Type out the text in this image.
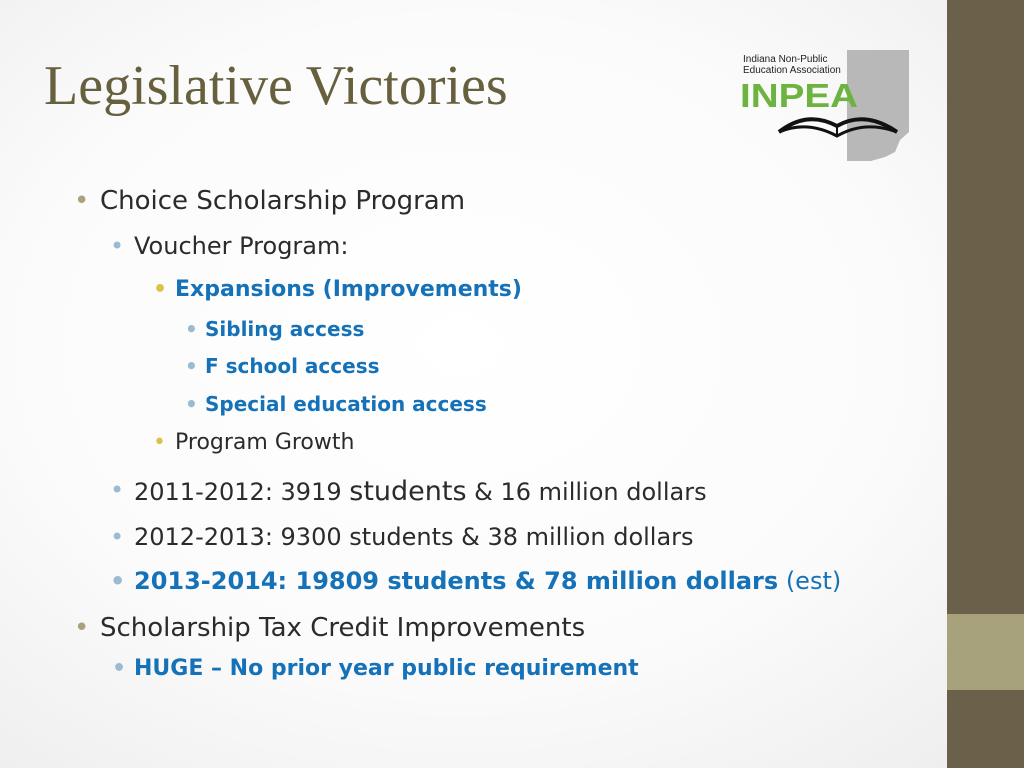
Legislative Victories	Indiana Non-Public
Education Association
INPEA
• Choice Scholarship Program
• Voucher Program:
• Expansions (Improvements)
• Sibling access
• F school access
• Special education access
• Program Growth
• 2011-2012: 3919 students & 16 million dollars
• 2012-2013: 9300 students & 38 million dollars
• 2013-2014: 19809 students & 78 million dollars (est)
• Scholarship Tax Credit Improvements
• HUGE – No prior year public requirement
